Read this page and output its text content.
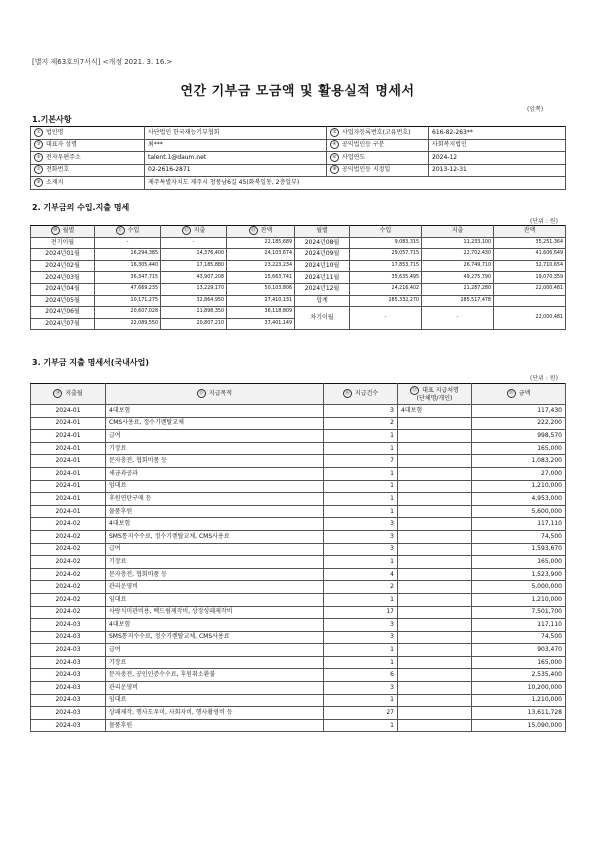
[별지 제63호의7서식] <개정 2021. 3. 16.>
연간 기부금 모금액 및 활용실적 명세서
(앞쪽)
1.기본사항
① 법인명	사단법인 한국재능기부협회	② 사업자등록번호(고유번호)	616-82-263**
③ 대표자 성명	최***	④ 공익법인등 구분	사회복지법인
⑤ 전자우편주소	talent.1@daum.net	⑥ 사업연도	2024-12
⑦ 전화번호	02-2616-2871	⑧ 공익법인등 지정일	2013-12-31
⑨ 소재지	제주특별자치도 제주시 청풍남6길 45(화북일동, 2층일부)		
2. 기부금의 수입.지출 명세
(단위 : 원)
⑩ 월별	⑪ 수입	⑫ 지출	⑬ 잔액	월별	수입	지출	잔액
전기이월	-	-	22,185,689	2024년08월	9,083,315	11,233,100	35,251,364
2024년01월	16,294,385	14,376,400	24,103,674	2024년09월	29,057,715	22,702,430	41,606,649
2024년02월	16,305,440	17,185,880	23,223,234	2024년10월	17,853,715	26,749,710	32,710,654
2024년03월	36,347,715	43,907,208	15,663,741	2024년11월	35,635,495	49,275,790	19,070,359
2024년04월	47,669,235	13,229,170	50,103,806	2024년12월	24,216,402	21,287,280	22,000,481
2024년05월	10,171,275	32,864,950	27,410,131	합계	285,332,270	285,517,478	
2024년06월	20,607,028	11,898,350	36,118,809	차기이월	-	-	22,000,481
2024년07월	22,089,550	20,807,210	37,401,149				
3. 기부금 지출 명세서(국내사업)
(단위 : 원)
⑭ 지출월	⑮ 지급목적	⑯ 지급건수	⑰ 대표 지급처명
(단체명/개인)	⑱ 금액
2024-01	4대보험	3	4대보험	117,430
2024-01	CMS사용료, 정수기렌탈교체	2		222,200
2024-01	급여	1		998,570
2024-01	기장료	1		165,000
2024-01	문자충전, 협회비품 등	7		1,083,200
2024-01	세금과공과	1		27,000
2024-01	임대료	1		1,210,000
2024-01	후원연탄구매 등	1		4,953,000
2024-01	물품후원	1		5,600,000
2024-02	4대보험	3		117,110
2024-02	SMS통지수수료, 정수기렌탈교체, CMS사용료	3		74,500
2024-02	급여	3		1,593,670
2024-02	기장료	1		165,000
2024-02	문자충전, 협회비품 등	4		1,523,900
2024-02	관리운영비	2		5,000,000
2024-02	임대료	1		1,210,000
2024-02	사랑식미관비용, 백드림제작비, 상장상패제작비	17		7,501,700
2024-03	4대보험	3		117,110
2024-03	SMS통지수수료, 정수기렌탈교체, CMS사용료	3		74,500
2024-03	급여	1		903,470
2024-03	기장료	1		165,000
2024-03	문자충전, 공인인증수수료, 후원취소환불	6		2,535,400
2024-03	관리운영비	3		10,200,000
2024-03	임대료	1		1,210,000
2024-03	상패제작, 행사도우미, 사회자비, 행사활영비 등	27		13,611,728
2024-03	물품후원	1		15,090,000
